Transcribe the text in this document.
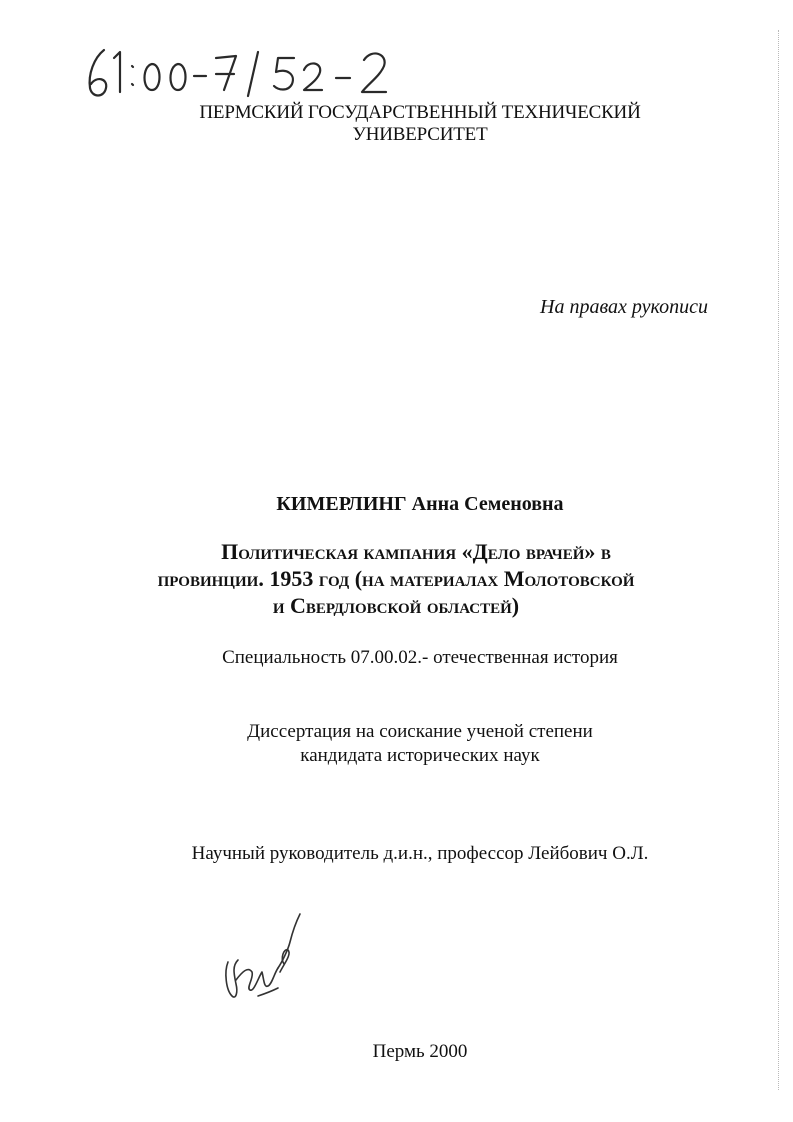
ПЕРМСКИЙ ГОСУДАРСТВЕННЫЙ ТЕХНИЧЕСКИЙ
УНИВЕРСИТЕТ
На правах рукописи
КИМЕРЛИНГ Анна Семеновна
Политическая кампания «Дело врачей» в
провинции. 1953 год (на материалах Молотовской
и Свердловской областей)
Специальность 07.00.02.- отечественная история
Диссертация на соискание ученой степени
кандидата исторических наук
Научный руководитель д.и.н., профессор Лейбович О.Л.
Пермь 2000
